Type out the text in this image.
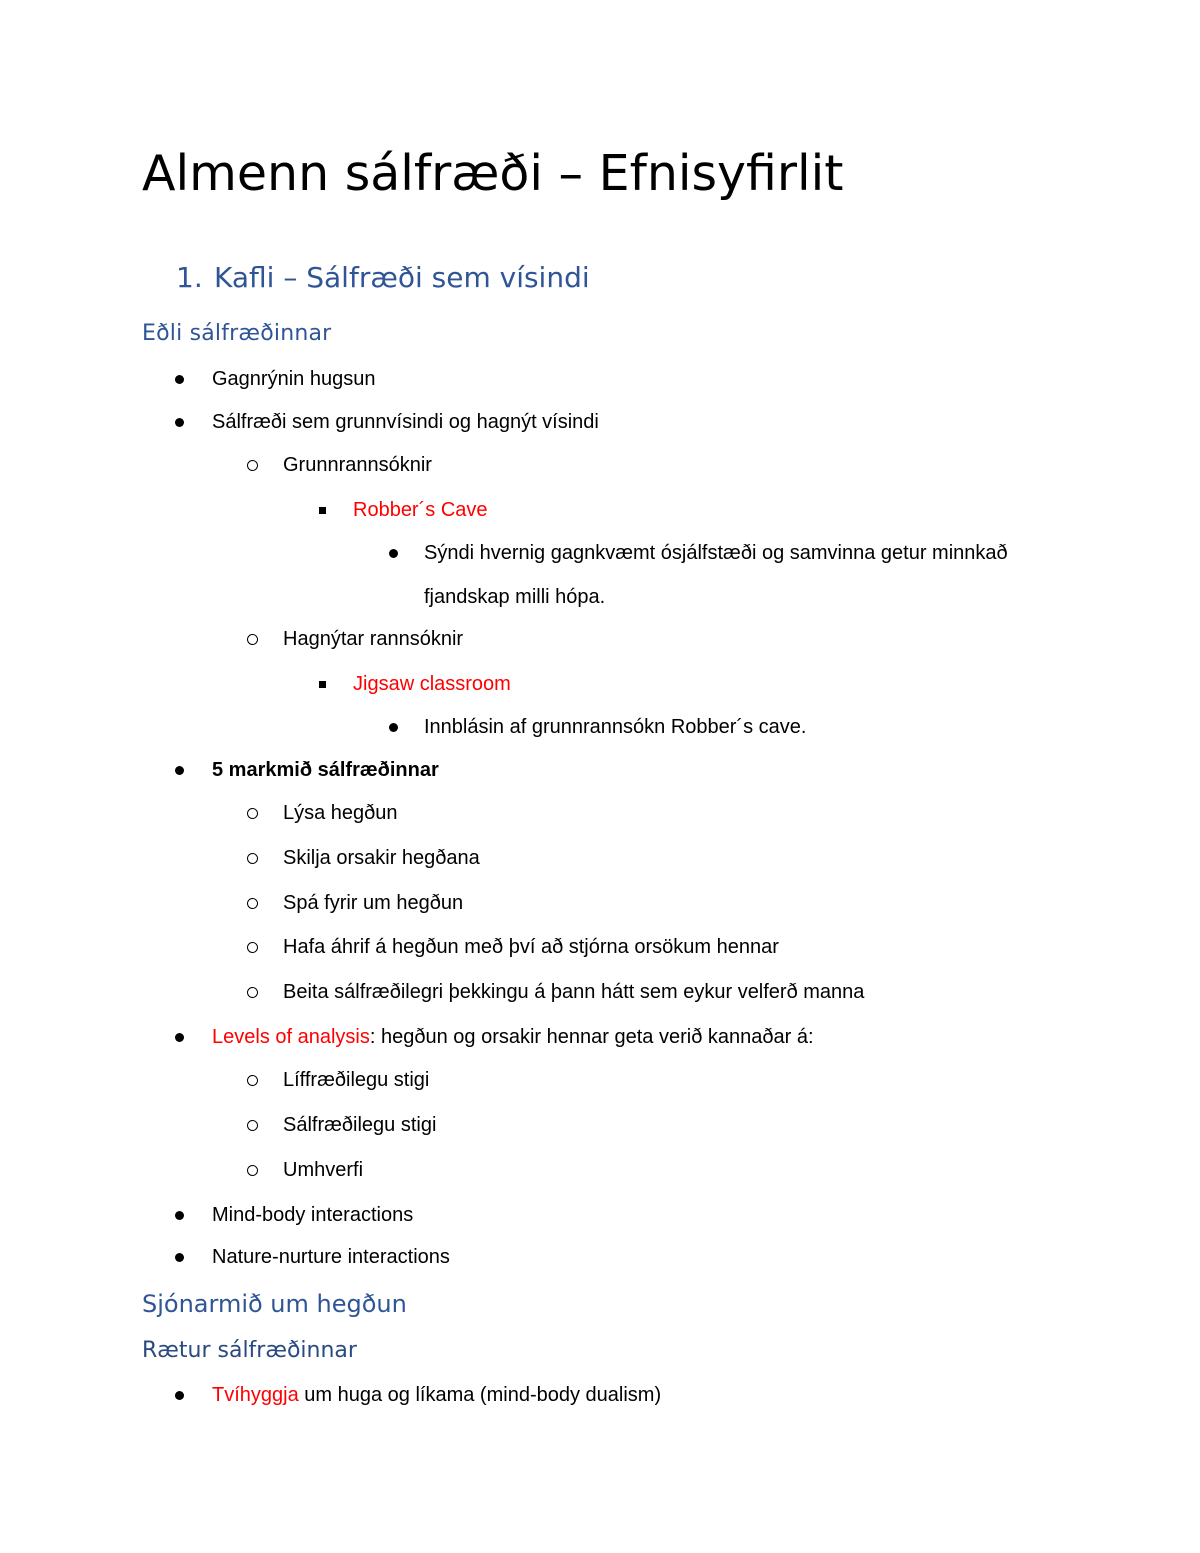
Almenn sálfræði – Efnisyfirlit
1. Kafli – Sálfræði sem vísindi
Eðli sálfræðinnar
Gagnrýnin hugsun
Sálfræði sem grunnvísindi og hagnýt vísindi
Grunnrannsóknir
Robber´s Cave
Sýndi hvernig gagnkvæmt ósjálfstæði og samvinna getur minnkað
fjandskap milli hópa.
Hagnýtar rannsóknir
Jigsaw classroom
Innblásin af grunnrannsókn Robber´s cave.
5 markmið sálfræðinnar
Lýsa hegðun
Skilja orsakir hegðana
Spá fyrir um hegðun
Hafa áhrif á hegðun með því að stjórna orsökum hennar
Beita sálfræðilegri þekkingu á þann hátt sem eykur velferð manna
Levels of analysis: hegðun og orsakir hennar geta verið kannaðar á:
Líffræðilegu stigi
Sálfræðilegu stigi
Umhverfi
Mind-body interactions
Nature-nurture interactions
Sjónarmið um hegðun
Rætur sálfræðinnar
Tvíhyggja um huga og líkama (mind-body dualism)
